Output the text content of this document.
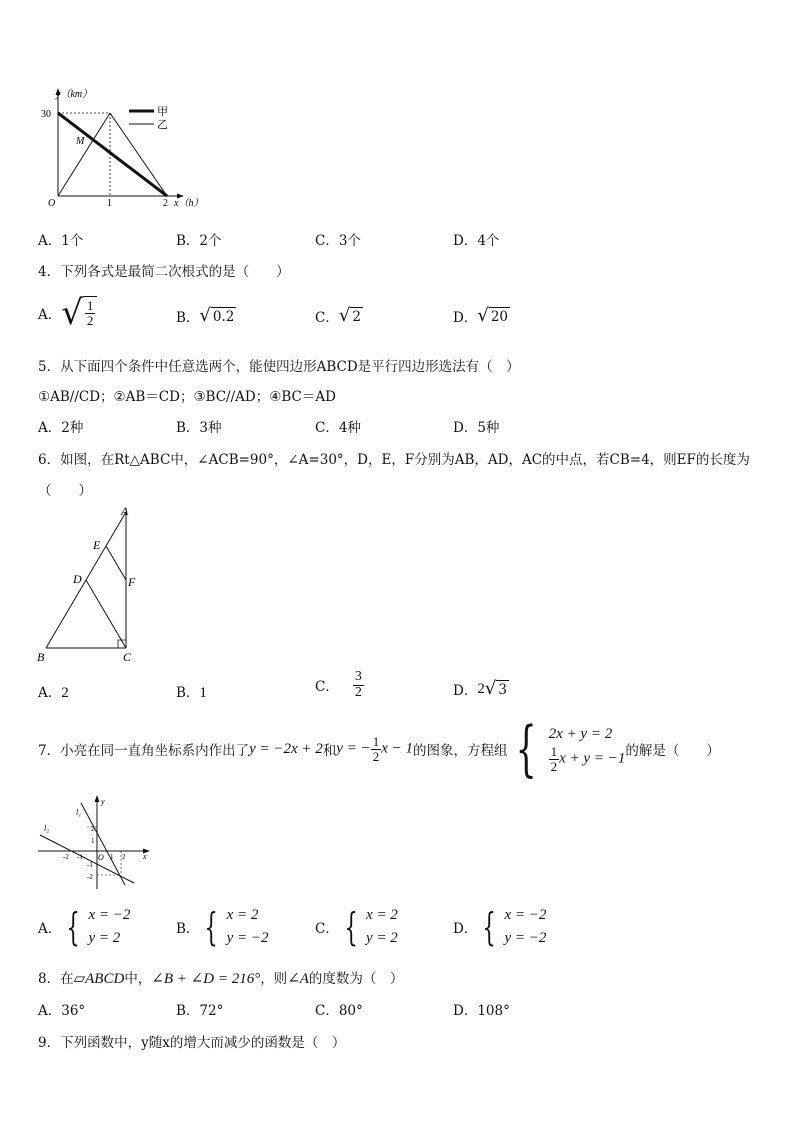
甲
乙
y（km）
30
O	1	2 x（h）
M
A．1个	B．2个	C．3个	D．4个
4．下列各式是最简二次根式的是（　　）
A． √ $\frac{1}{2}$	B． √ 0.2	C． √ 2	D． √ 20
5．从下面四个条件中任意选两个，能使四边形ABCD是平行四边形选法有（　）
①AB//CD；②AB＝CD；③BC//AD；④BC＝AD
A．2种	B．3种	C．4种	D．5种
6．如图，在Rt△ABC中，∠ACB=90°，∠A=30°，D，E，F分别为AB，AD，AC的中点，若CB=4，则EF的长度为
（　　）
A
B	C
D
E
F
A．2	B．1	C． $\frac{3}{2}$	D． 2 √ 3
7．小亮在同一直角坐标系内作出了 y = −2x + 2 和 y = − $\frac{1}{2}$ x − 1 的图象，方程组 { 2x + y = 2
$\frac{1}{2}$ x + y = −1 的解是（　　）
y
x
l₁
l₂	2
1
O
-1
-2
-2 -1	1 2
A． { x = −2
y = 2
B． { x = 2
y = −2
C． { x = 2
y = 2
D． { x = −2
y = −2
8．在▱ABCD中，∠B + ∠D = 216°，则∠A的度数为（　）
A．36°	B．72°	C．80°	D．108°
9．下列函数中，y随x的增大而减少的函数是（　）
